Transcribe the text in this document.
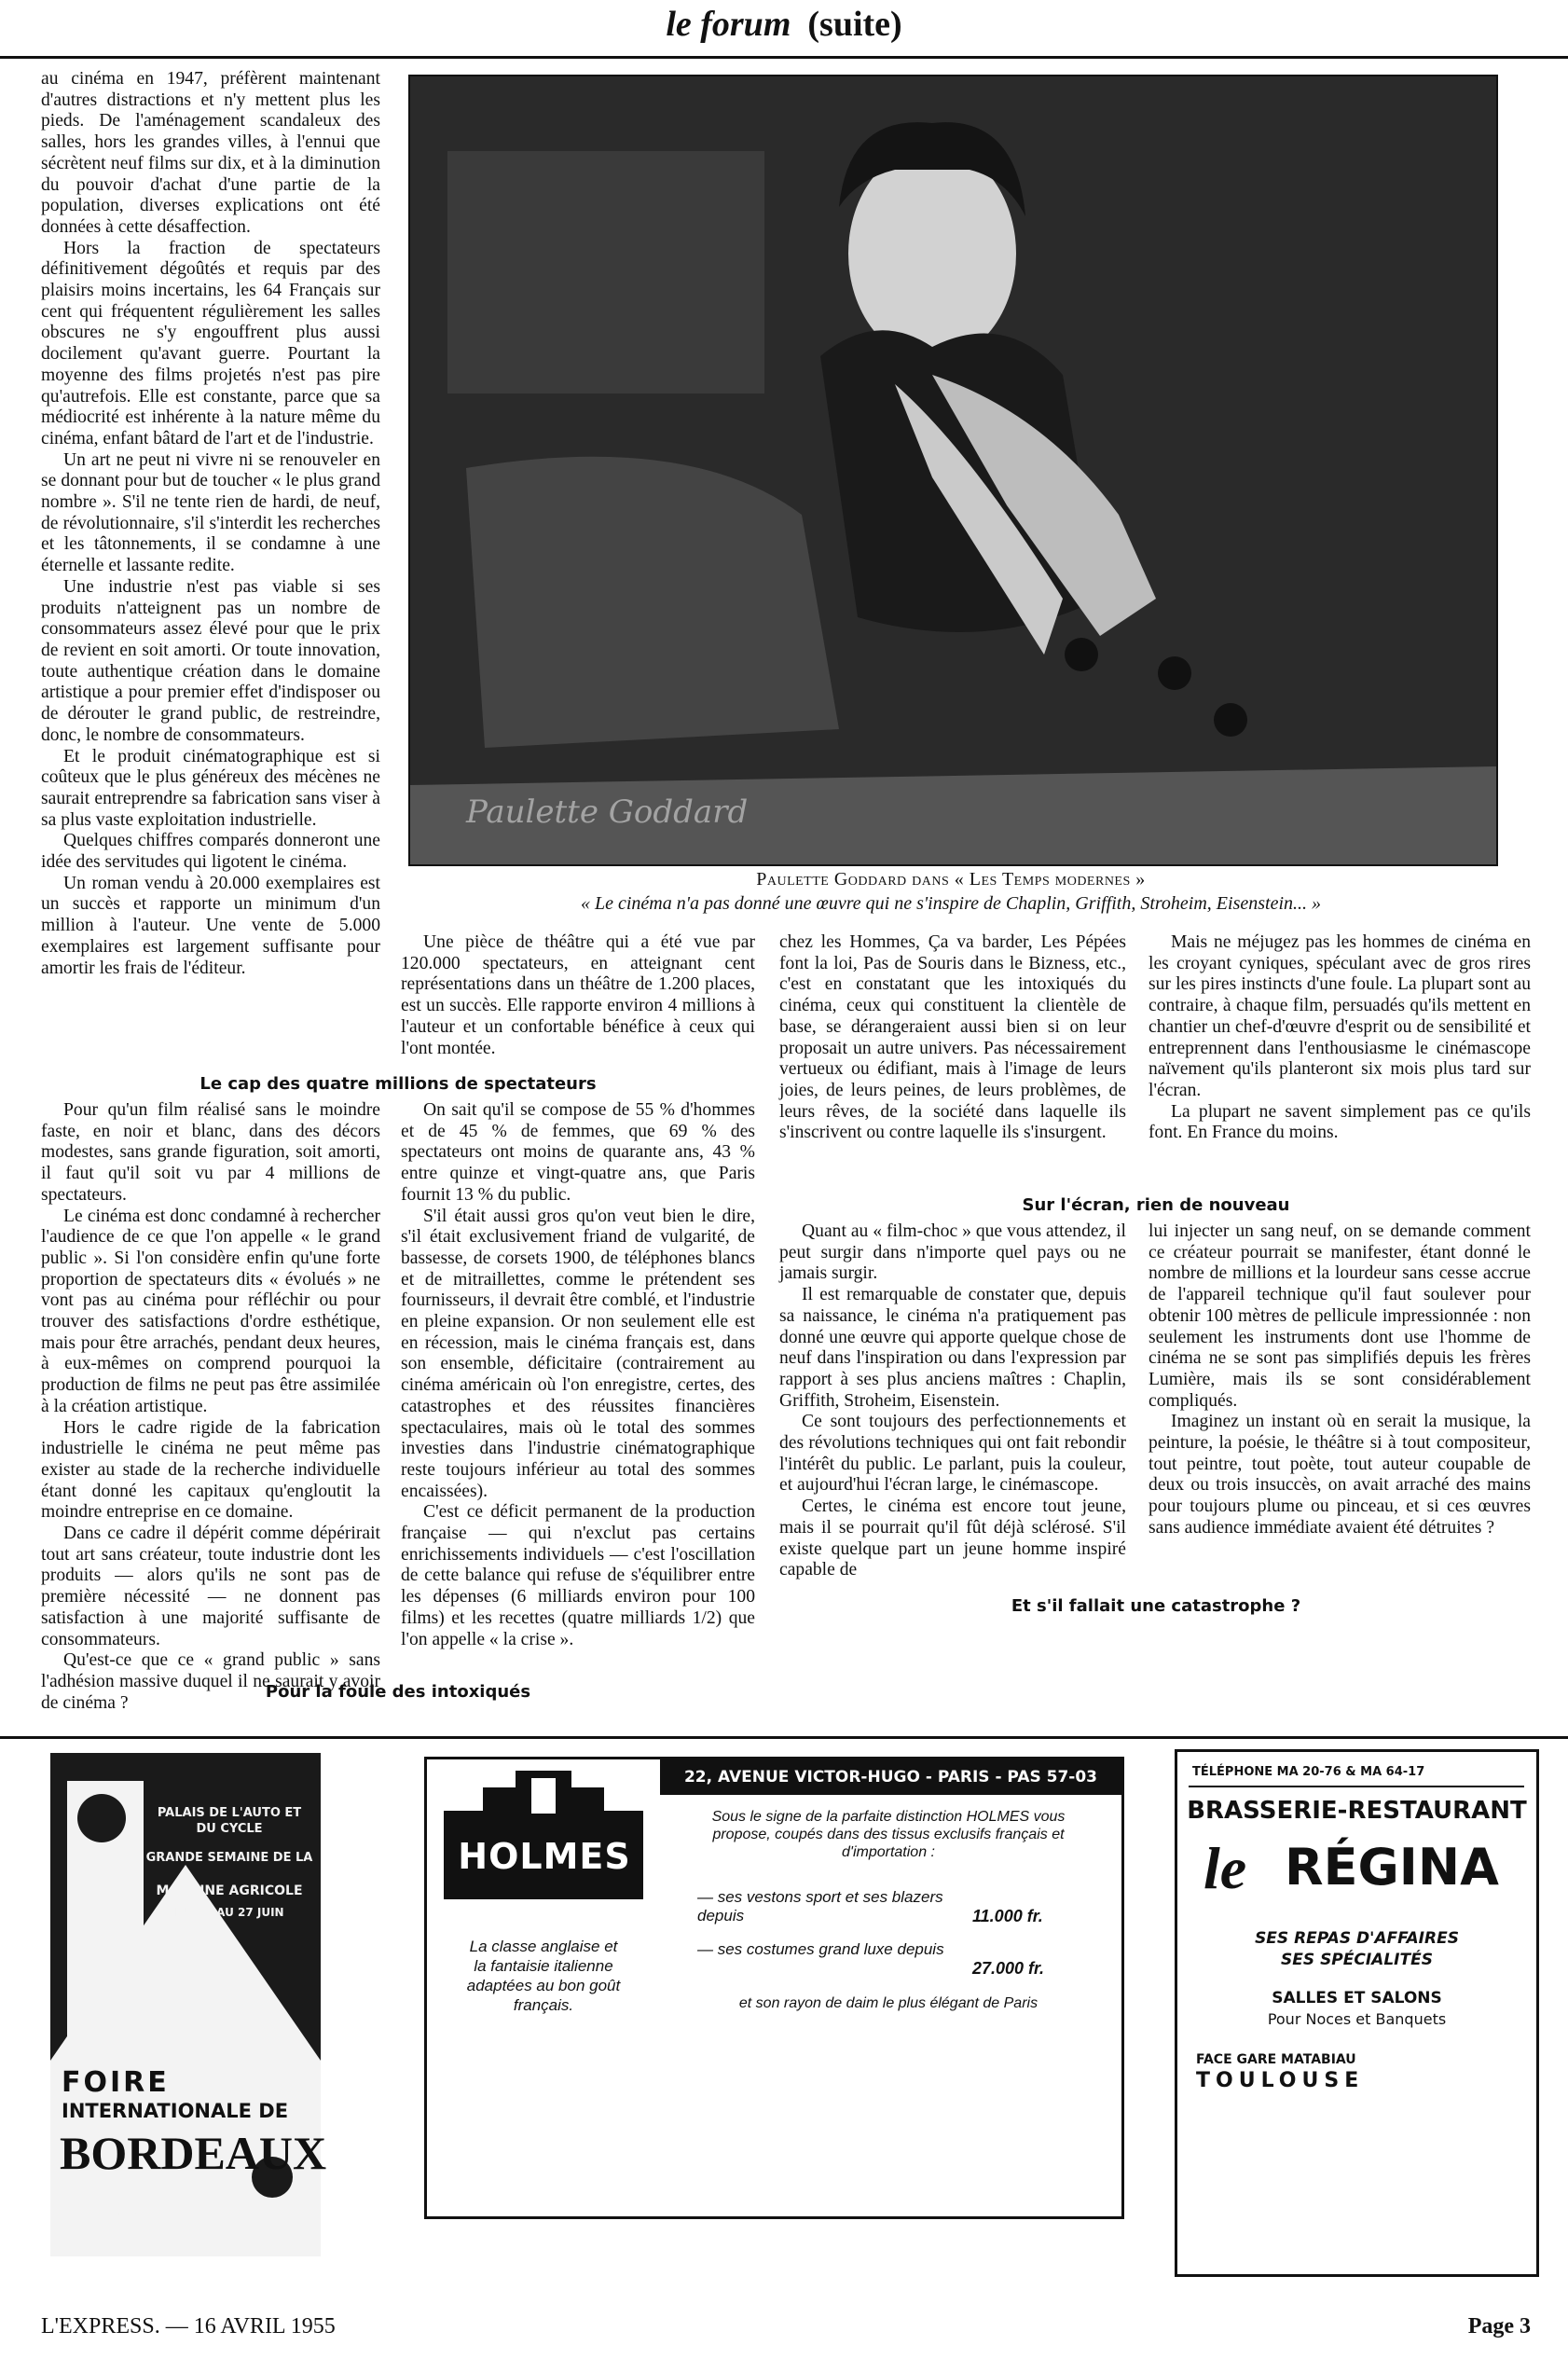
le forum (suite)
Paulette Goddard
Paulette Goddard dans « Les Temps modernes »
« Le cinéma n'a pas donné une œuvre qui ne s'inspire de Chaplin, Griffith, Stroheim, Eisenstein... »

au cinéma en 1947, préfèrent maintenant d'autres distractions et n'y mettent plus les pieds. De l'aménagement scandaleux des salles, hors les grandes villes, à l'ennui que sécrètent neuf films sur dix, et à la diminution du pouvoir d'achat d'une partie de la population, diverses explications ont été données à cette désaffection.

Hors la fraction de spectateurs définitivement dégoûtés et requis par des plaisirs moins incertains, les 64 Français sur cent qui fréquentent régulièrement les salles obscures ne s'y engouffrent plus aussi docilement qu'avant guerre. Pourtant la moyenne des films projetés n'est pas pire qu'autrefois. Elle est constante, parce que sa médiocrité est inhérente à la nature même du cinéma, enfant bâtard de l'art et de l'industrie.

Un art ne peut ni vivre ni se renouveler en se donnant pour but de toucher « le plus grand nombre ». S'il ne tente rien de hardi, de neuf, de révolutionnaire, s'il s'interdit les recherches et les tâtonnements, il se condamne à une éternelle et lassante redite.

Une industrie n'est pas viable si ses produits n'atteignent pas un nombre de consommateurs assez élevé pour que le prix de revient en soit amorti. Or toute innovation, toute authentique création dans le domaine artistique a pour premier effet d'indisposer ou de dérouter le grand public, de restreindre, donc, le nombre de consommateurs.

Et le produit cinématographique est si coûteux que le plus généreux des mécènes ne saurait entreprendre sa fabrication sans viser à sa plus vaste exploitation industrielle.

Quelques chiffres comparés donneront une idée des servitudes qui ligotent le cinéma.

Un roman vendu à 20.000 exemplaires est un succès et rapporte un minimum d'un million à l'auteur. Une vente de 5.000 exemplaires est largement suffisante pour amortir les frais de l'éditeur.

Une pièce de théâtre qui a été vue par 120.000 spectateurs, en atteignant cent représentations dans un théâtre de 1.200 places, est un succès. Elle rapporte environ 4 millions à l'auteur et un confortable bénéfice à ceux qui l'ont montée.

Le cap des quatre millions de spectateurs

Pour qu'un film réalisé sans le moindre faste, en noir et blanc, dans des décors modestes, sans grande figuration, soit amorti, il faut qu'il soit vu par 4 millions de spectateurs.

Le cinéma est donc condamné à rechercher l'audience de ce que l'on appelle « le grand public ». Si l'on considère enfin qu'une forte proportion de spectateurs dits « évolués » ne vont pas au cinéma pour réfléchir ou pour trouver des satisfactions d'ordre esthétique, mais pour être arrachés, pendant deux heures, à eux-mêmes on comprend pourquoi la production de films ne peut pas être assimilée à la création artistique.

Hors le cadre rigide de la fabrication industrielle le cinéma ne peut même pas exister au stade de la recherche individuelle étant donné les capitaux qu'engloutit la moindre entreprise en ce domaine.

Dans ce cadre il dépérit comme dépérirait tout art sans créateur, toute industrie dont les produits — alors qu'ils ne sont pas de première nécessité — ne donnent pas satisfaction à une majorité suffisante de consommateurs.

Qu'est-ce que ce « grand public » sans l'adhésion massive duquel il ne saurait y avoir de cinéma ?

On sait qu'il se compose de 55 % d'hommes et de 45 % de femmes, que 69 % des spectateurs ont moins de quarante ans, 43 % entre quinze et vingt-quatre ans, que Paris fournit 13 % du public.

S'il était aussi gros qu'on veut bien le dire, s'il était exclusivement friand de vulgarité, de bassesse, de corsets 1900, de téléphones blancs et de mitraillettes, comme le prétendent ses fournisseurs, il devrait être comblé, et l'industrie en pleine expansion. Or non seulement elle est en récession, mais le cinéma français est, dans son ensemble, déficitaire (contrairement au cinéma américain où l'on enregistre, certes, des catastrophes et des réussites financières spectaculaires, mais où le total des sommes investies dans l'industrie cinématographique reste toujours inférieur au total des sommes encaissées).

C'est ce déficit permanent de la production française — qui n'exclut pas certains enrichissements individuels — c'est l'oscillation de cette balance qui refuse de s'équilibrer entre les dépenses (6 milliards environ pour 100 films) et les recettes (quatre milliards 1/2) que l'on appelle « la crise ».

Pour la foule des intoxiqués

chez les Hommes, Ça va barder, Les Pépées font la loi, Pas de Souris dans le Bizness, etc., c'est en constatant que les intoxiqués du cinéma, ceux qui constituent la clientèle de base, se dérangeraient aussi bien si on leur proposait un autre univers. Pas nécessairement vertueux ou édifiant, mais à l'image de leurs joies, de leurs peines, de leurs problèmes, de leurs rêves, de la société dans laquelle ils s'inscrivent ou contre laquelle ils s'insurgent.

Sur l'écran, rien de nouveau

Quant au « film-choc » que vous attendez, il peut surgir dans n'importe quel pays ou ne jamais surgir.

Il est remarquable de constater que, depuis sa naissance, le cinéma n'a pratiquement pas donné une œuvre qui apporte quelque chose de neuf dans l'inspiration ou dans l'expression par rapport à ses plus anciens maîtres : Chaplin, Griffith, Stroheim, Eisenstein.

Ce sont toujours des perfectionnements et des révolutions techniques qui ont fait rebondir l'intérêt du public. Le parlant, puis la couleur, et aujourd'hui l'écran large, le cinémascope.

Certes, le cinéma est encore tout jeune, mais il se pourrait qu'il fût déjà sclérosé. S'il existe quelque part un jeune homme inspiré capable de

Mais ne méjugez pas les hommes de cinéma en les croyant cyniques, spéculant avec de gros rires sur les pires instincts d'une foule. La plupart sont au contraire, à chaque film, persuadés qu'ils mettent en chantier un chef-d'œuvre d'esprit ou de sensibilité et entreprennent dans l'enthousiasme le cinémascope naïvement qu'ils planteront six mois plus tard sur l'écran.

La plupart ne savent simplement pas ce qu'ils font. En France du moins.

lui injecter un sang neuf, on se demande comment ce créateur pourrait se manifester, étant donné le nombre de millions et la lourdeur sans cesse accrue de l'appareil technique qu'il faut soulever pour obtenir 100 mètres de pellicule impressionnée : non seulement les instruments dont use l'homme de cinéma ne se sont pas simplifiés depuis les frères Lumière, mais ils se sont considérablement compliqués.

Imaginez un instant où en serait la musique, la peinture, la poésie, le théâtre si à tout compositeur, tout peintre, tout poète, tout auteur coupable de deux ou trois insuccès, on avait arraché des mains pour toujours plume ou pinceau, et si ces œuvres sans audience immédiate avaient été détruites ?

Et s'il fallait une catastrophe ?
PALAIS DE L'AUTO ET DU CYCLE
GRANDE SEMAINE DE LA
MACHINE AGRICOLE
DU 19 AU 27 JUIN
FOIRE
INTERNATIONALE DE
BORDEAUX
DU 12 AU 27 JUIN
HOLMES
La classe anglaise et la fantaisie italienne adaptées au bon goût français.
22, AVENUE VICTOR-HUGO - PARIS - PAS 57-03
Sous le signe de la parfaite distinction HOLMES vous propose, coupés dans des tissus exclusifs français et d'importation :
— ses vestons sport et ses blazers depuis	11.000 fr.
— ses costumes grand luxe depuis
27.000 fr.
et son rayon de daim le plus élégant de Paris
TÉLÉPHONE MA 20-76 & MA 64-17
BRASSERIE-RESTAURANT
le RÉGINA
SES REPAS D'AFFAIRES
SES SPÉCIALITÉS
SALLES ET SALONS
Pour Noces et Banquets
FACE GARE MATABIAU
TOULOUSE
L'EXPRESS. — 16 AVRIL 1955	Page 3
